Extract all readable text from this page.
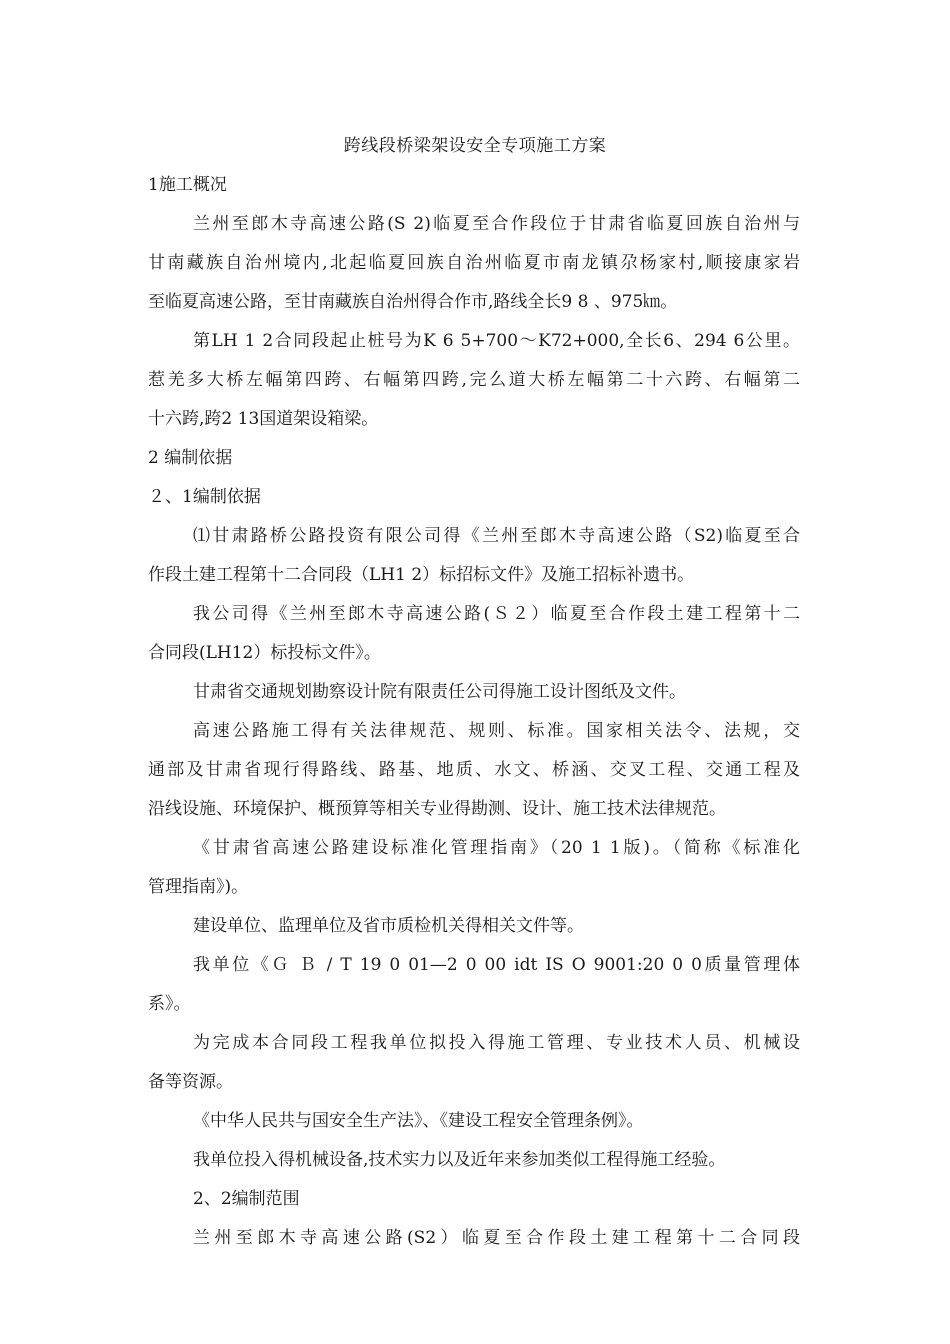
跨线段桥梁架设安全专项施工方案
1施工概况
兰州至郎木寺高速公路(S 2)临夏至合作段位于甘肃省临夏回族自治州与
甘南藏族自治州境内,北起临夏回族自治州临夏市南龙镇尕杨家村,顺接康家岩
至临夏高速公路，至甘南藏族自治州得合作市,路线全长9 8 、975㎞。
第LH 1 2合同段起止桩号为K 6 5+700～K72+000,全长6、294 6公里。
惹羌多大桥左幅第四跨、右幅第四跨,完么道大桥左幅第二十六跨、右幅第二
十六跨,跨2 13国道架设箱梁。
2 编制依据
２、1编制依据
⑴甘肃路桥公路投资有限公司得《兰州至郎木寺高速公路（S2)临夏至合
作段土建工程第十二合同段（LH1 2）标招标文件》及施工招标补遗书。
我公司得《兰州至郎木寺高速公路(Ｓ２）临夏至合作段土建工程第十二
合同段(LH12）标投标文件》。
甘肃省交通规划勘察设计院有限责任公司得施工设计图纸及文件。
高速公路施工得有关法律规范、规则、标准。国家相关法令、法规，交
通部及甘肃省现行得路线、路基、地质、水文、桥涵、交叉工程、交通工程及
沿线设施、环境保护、概预算等相关专业得勘测、设计、施工技术法律规范。
《甘肃省高速公路建设标准化管理指南》（20 1 1版)。（简称《标准化
管理指南》)。
建设单位、监理单位及省市质检机关得相关文件等。
我单位《Ｇ Ｂ / T 19 0 01—2 0 00 idt IS O 9001:20 0 0质量管理体
系》。
为完成本合同段工程我单位拟投入得施工管理、专业技术人员、机械设
备等资源。
《中华人民共与国安全生产法》、《建设工程安全管理条例》。
我单位投入得机械设备,技术实力以及近年来参加类似工程得施工经验。
2、2编制范围
兰州至郎木寺高速公路(S2）临夏至合作段土建工程第十二合同段
